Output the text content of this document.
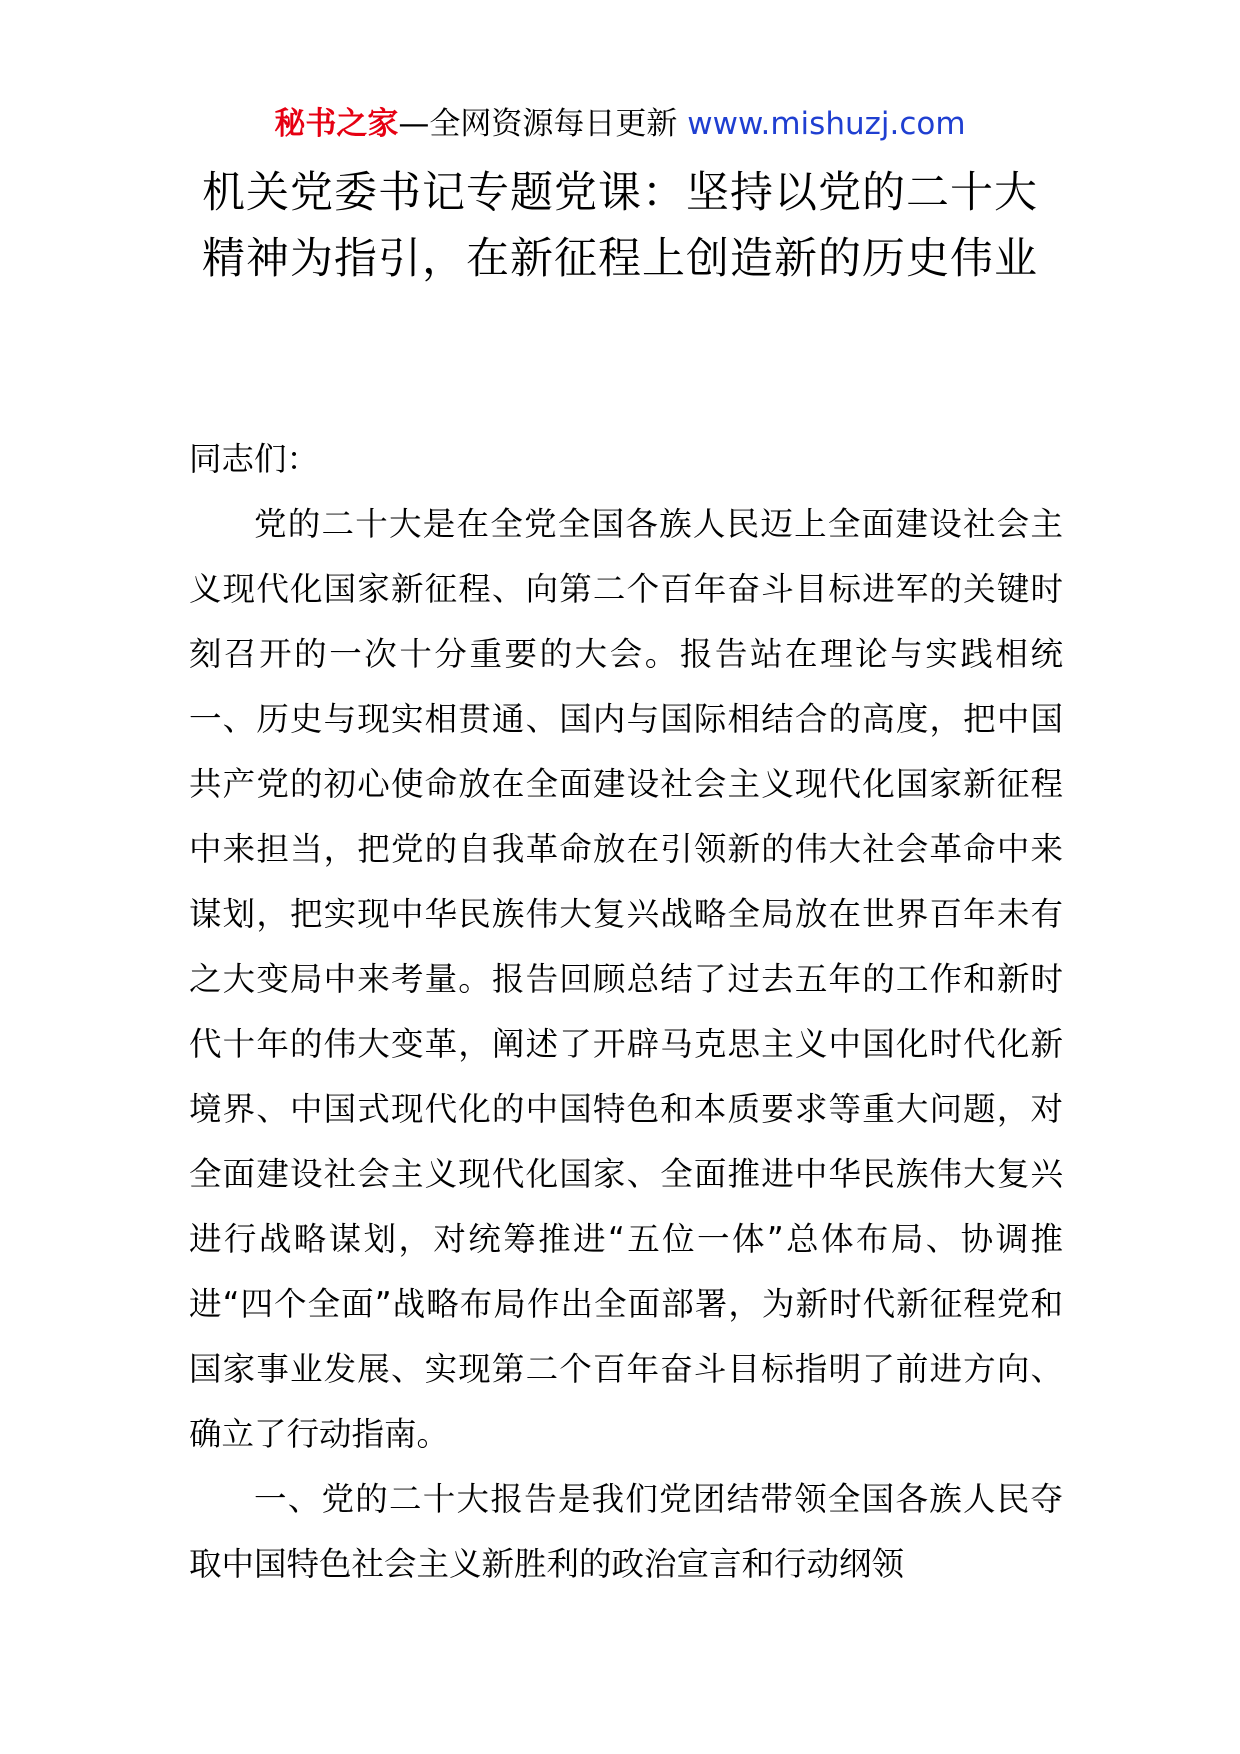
秘书之家—全网资源每日更新 www.mishuzj.com
机关党委书记专题党课：坚持以党的二十大精神为指引，在新征程上创造新的历史伟业

同志们：

党的二十大是在全党全国各族人民迈上全面建设社会主义现代化国家新征程、向第二个百年奋斗目标进军的关键时刻召开的一次十分重要的大会。报告站在理论与实践相统一、历史与现实相贯通、国内与国际相结合的高度，把中国共产党的初心使命放在全面建设社会主义现代化国家新征程中来担当，把党的自我革命放在引领新的伟大社会革命中来谋划，把实现中华民族伟大复兴战略全局放在世界百年未有之大变局中来考量。报告回顾总结了过去五年的工作和新时代十年的伟大变革，阐述了开辟马克思主义中国化时代化新境界、中国式现代化的中国特色和本质要求等重大问题，对全面建设社会主义现代化国家、全面推进中华民族伟大复兴进行战略谋划，对统筹推进“五位一体”总体布局、协调推进“四个全面”战略布局作出全面部署，为新时代新征程党和国家事业发展、实现第二个百年奋斗目标指明了前进方向、确立了行动指南。

一、党的二十大报告是我们党团结带领全国各族人民夺取中国特色社会主义新胜利的政治宣言和行动纲领
